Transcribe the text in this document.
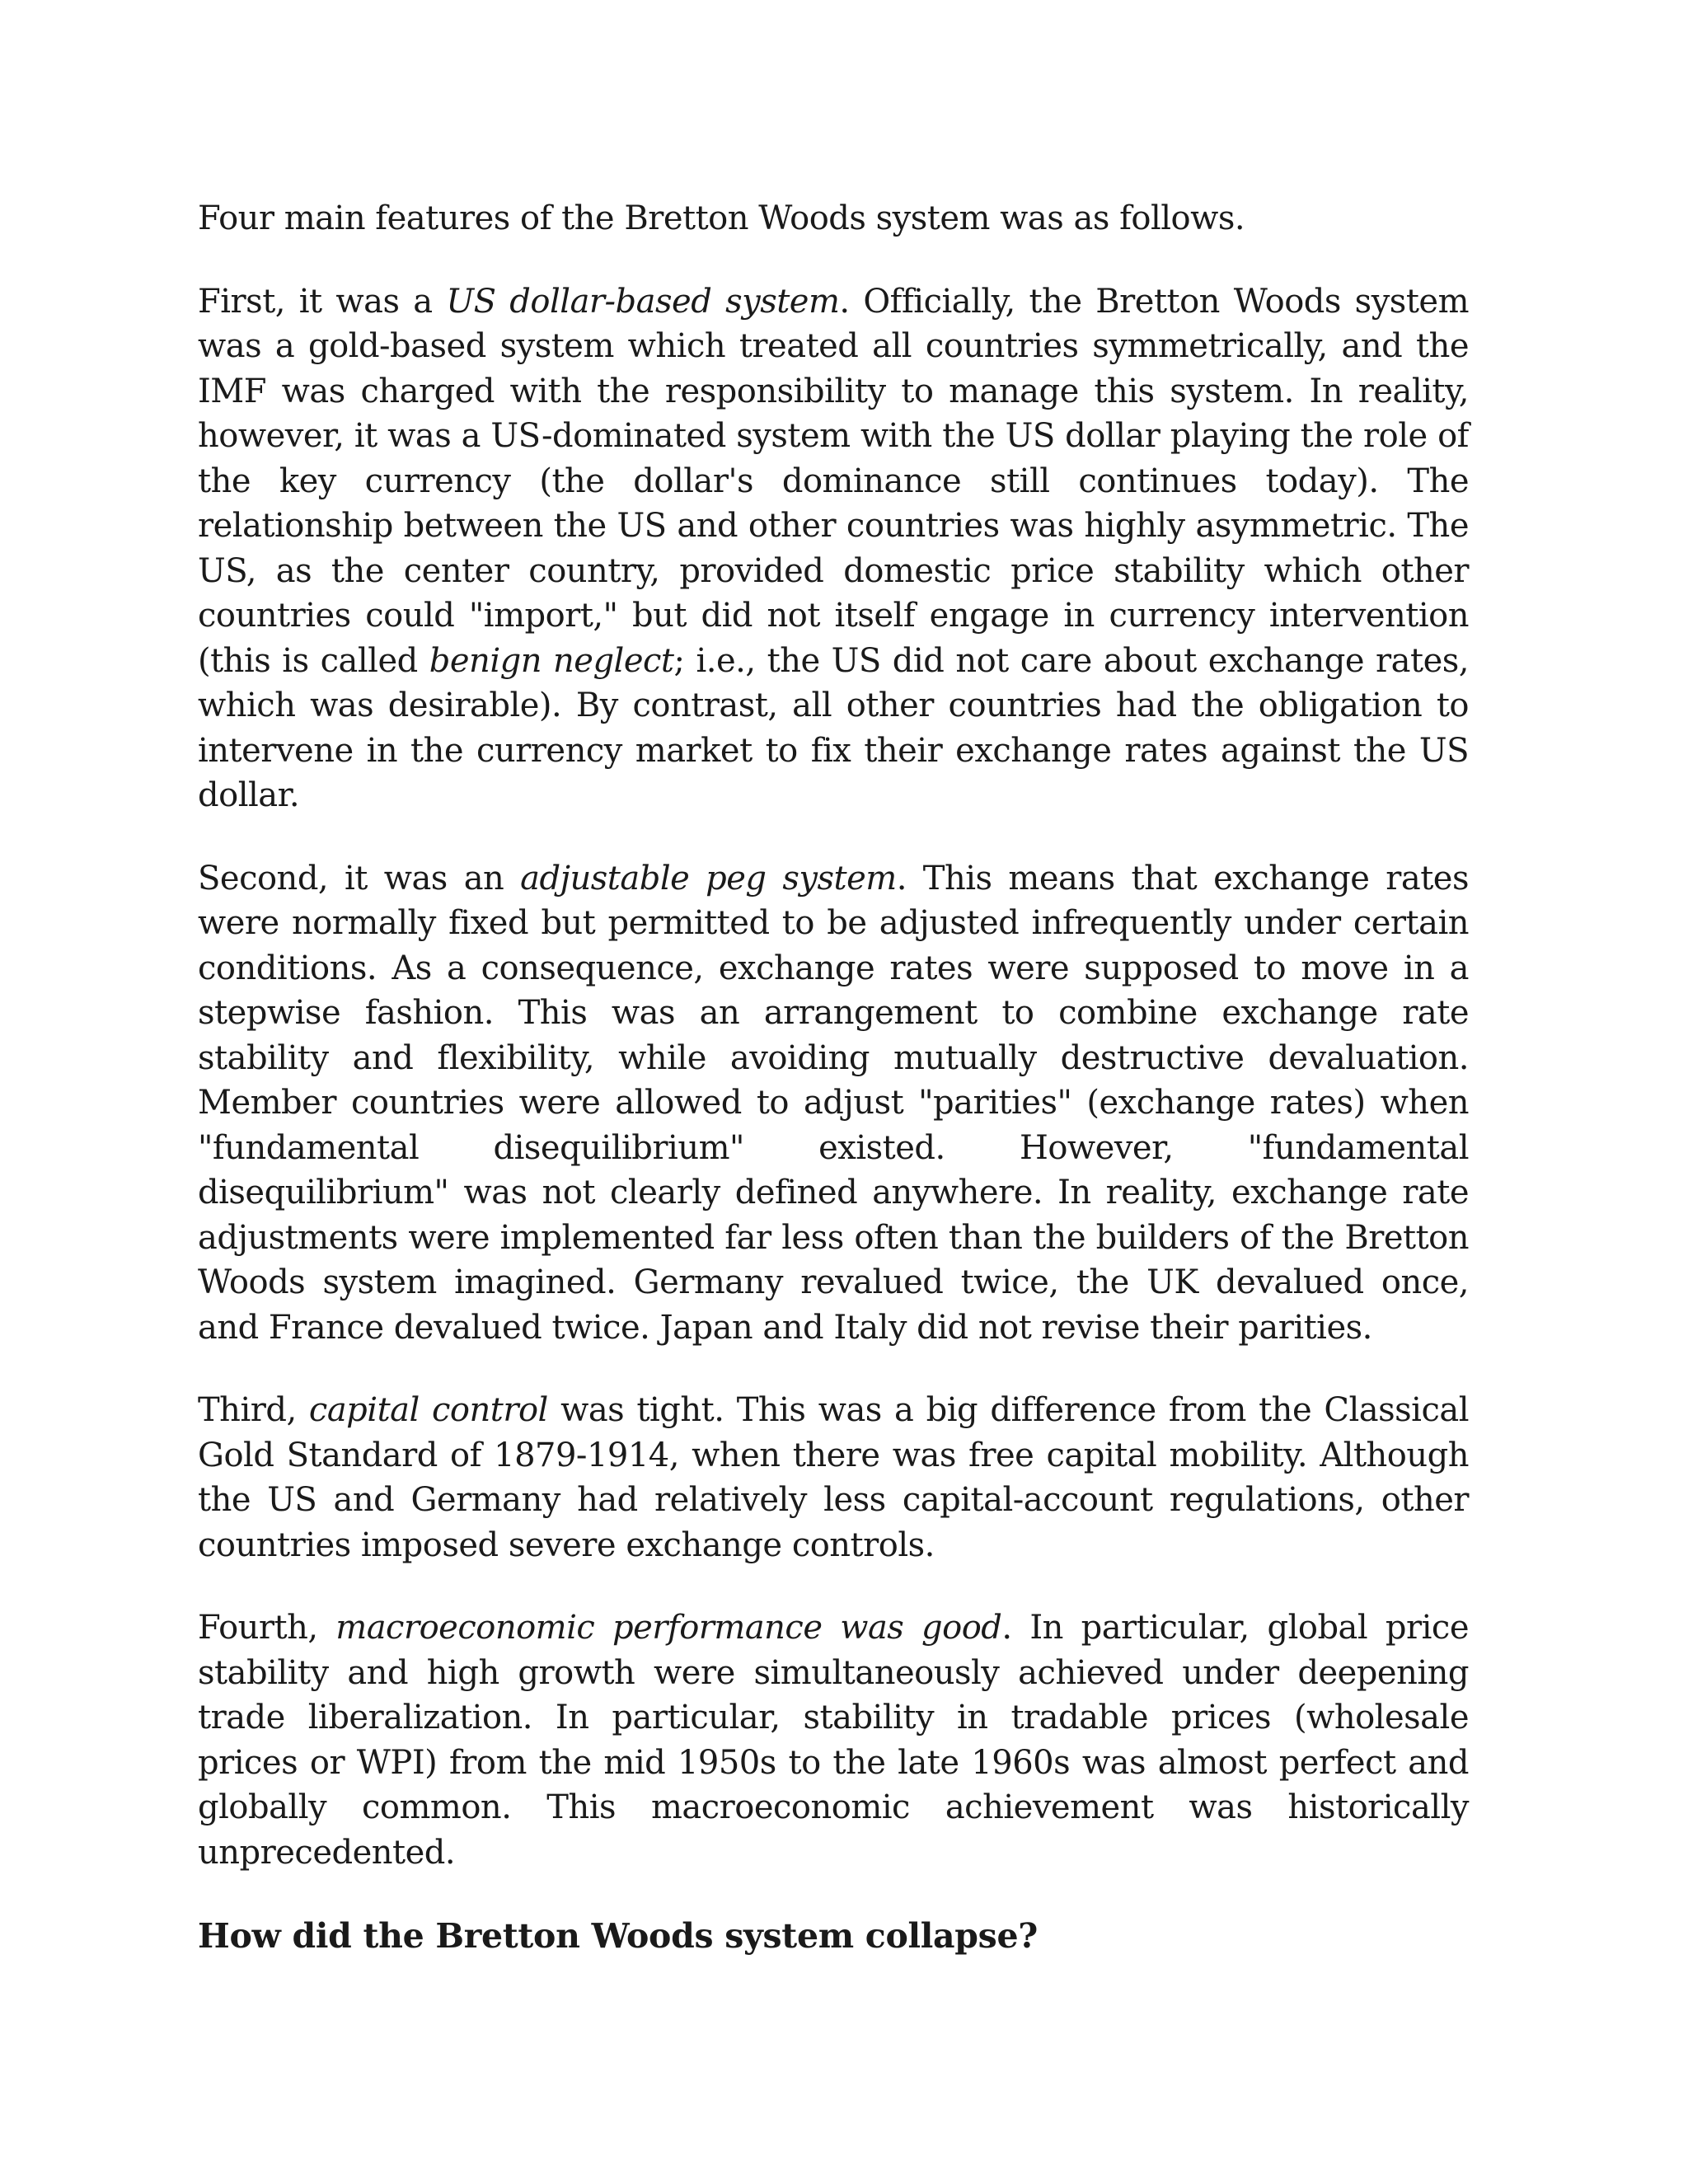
Four main features of the Bretton Woods system was as follows.

First, it was a US dollar-based system. Officially, the Bretton Woods system was a gold-based system which treated all countries symmetrically, and the IMF was charged with the responsibility to manage this system. In reality, however, it was a US-dominated system with the US dollar playing the role of the key currency (the dollar's dominance still continues today). The relationship between the US and other countries was highly asymmetric. The US, as the center country, provided domestic price stability which other countries could "import," but did not itself engage in currency intervention (this is called benign neglect; i.e., the US did not care about exchange rates, which was desirable). By contrast, all other countries had the obligation to intervene in the currency market to fix their exchange rates against the US dollar.

Second, it was an adjustable peg system. This means that exchange rates were normally fixed but permitted to be adjusted infrequently under certain conditions. As a consequence, exchange rates were supposed to move in a stepwise fashion. This was an arrangement to combine exchange rate stability and flexibility, while avoiding mutually destructive devaluation. Member countries were allowed to adjust "parities" (exchange rates) when "fundamental disequilibrium" existed. However, "fundamental disequilibrium" was not clearly defined anywhere. In reality, exchange rate adjustments were implemented far less often than the builders of the Bretton Woods system imagined. Germany revalued twice, the UK devalued once, and France devalued twice. Japan and Italy did not revise their parities.

Third, capital control was tight. This was a big difference from the Classical Gold Standard of 1879-1914, when there was free capital mobility. Although the US and Germany had relatively less capital-account regulations, other countries imposed severe exchange controls.

Fourth, macroeconomic performance was good. In particular, global price stability and high growth were simultaneously achieved under deepening trade liberalization. In particular, stability in tradable prices (wholesale prices or WPI) from the mid 1950s to the late 1960s was almost perfect and globally common. This macroeconomic achievement was historically unprecedented.

How did the Bretton Woods system collapse?
